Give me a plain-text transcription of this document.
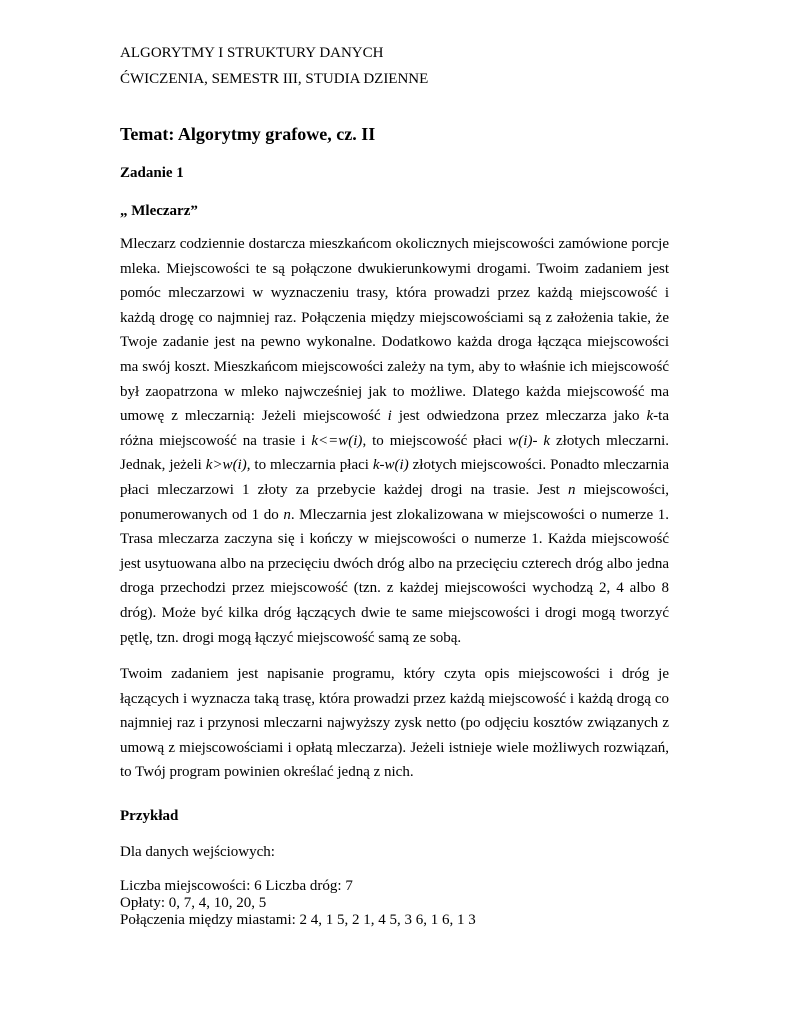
ALGORYTMY I STRUKTURY DANYCH

ĆWICZENIA, SEMESTR III, STUDIA DZIENNE

Temat: Algorytmy grafowe, cz. II

Zadanie 1

„ Mleczarz”

Mleczarz codziennie dostarcza mieszkańcom okolicznych miejscowości zamówione porcje mleka. Miejscowości te są połączone dwukierunkowymi drogami. Twoim zadaniem jest pomóc mleczarzowi w wyznaczeniu trasy, która prowadzi przez każdą miejscowość i każdą drogę co najmniej raz. Połączenia między miejscowościami są z założenia takie, że Twoje zadanie jest na pewno wykonalne. Dodatkowo każda droga łącząca miejscowości ma swój koszt. Mieszkańcom miejscowości zależy na tym, aby to właśnie ich miejscowość był zaopatrzona w mleko najwcześniej jak to możliwe. Dlatego każda miejscowość ma umowę z mleczarnią: Jeżeli miejscowość i jest odwiedzona przez mleczarza jako k-ta różna miejscowość na trasie i k<=w(i), to miejscowość płaci w(i)- k złotych mleczarni. Jednak, jeżeli k>w(i), to mleczarnia płaci k-w(i) złotych miejscowości. Ponadto mleczarnia płaci mleczarzowi 1 złoty za przebycie każdej drogi na trasie. Jest n miejscowości, ponumerowanych od 1 do n. Mleczarnia jest zlokalizowana w miejscowości o numerze 1. Trasa mleczarza zaczyna się i kończy w miejscowości o numerze 1. Każda miejscowość jest usytuowana albo na przecięciu dwóch dróg albo na przecięciu czterech dróg albo jedna droga przechodzi przez miejscowość (tzn. z każdej miejscowości wychodzą 2, 4 albo 8 dróg). Może być kilka dróg łączących dwie te same miejscowości i drogi mogą tworzyć pętlę, tzn. drogi mogą łączyć miejscowość samą ze sobą.

Twoim zadaniem jest napisanie programu, który czyta opis miejscowości i dróg je łączących i wyznacza taką trasę, która prowadzi przez każdą miejscowość i każdą drogą co najmniej raz i przynosi mleczarni najwyższy zysk netto (po odjęciu kosztów związanych z umową z miejscowościami i opłatą mleczarza). Jeżeli istnieje wiele możliwych rozwiązań, to Twój program powinien określać jedną z nich.

Przykład

Dla danych wejściowych:

Liczba miejscowości: 6 Liczba dróg: 7

Opłaty: 0, 7, 4, 10, 20, 5

Połączenia między miastami: 2 4, 1 5, 2 1, 4 5, 3 6, 1 6, 1 3
